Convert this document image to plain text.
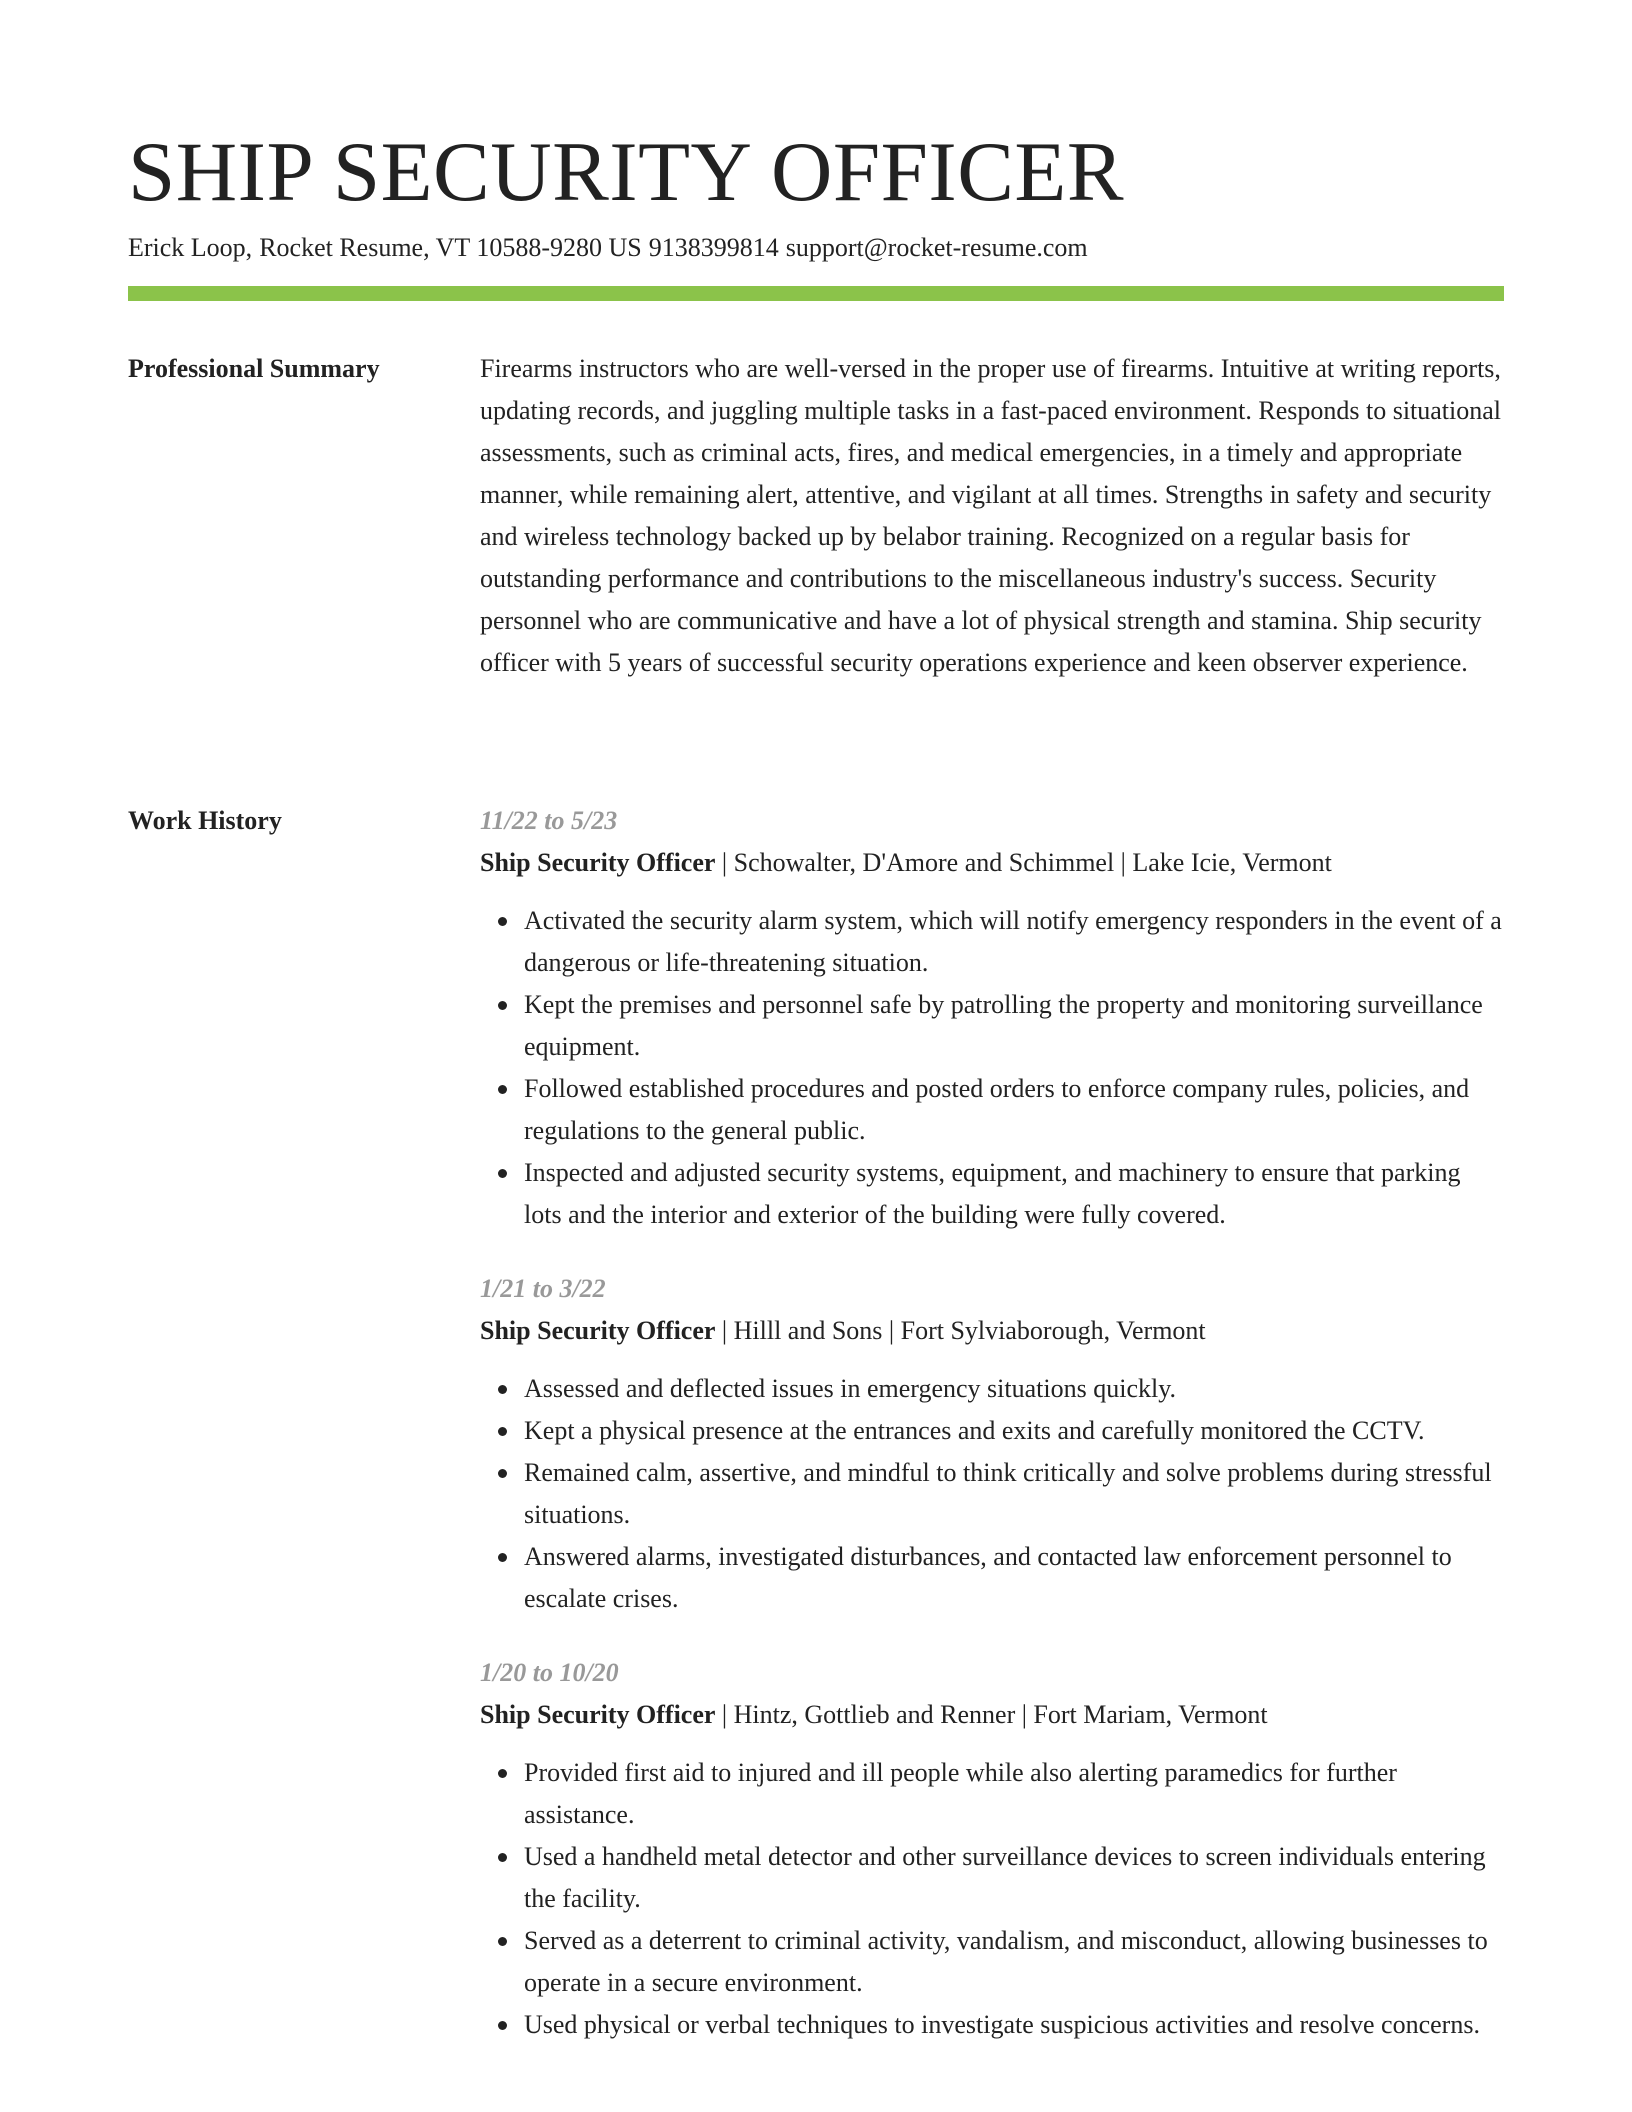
SHIP SECURITY OFFICER
Erick Loop, Rocket Resume, VT 10588-9280 US 9138399814 support@rocket-resume.com
Professional Summary	Firearms instructors who are well-versed in the proper use of firearms. Intuitive at writing reports, updating records, and juggling multiple tasks in a fast-paced environment. Responds to situational assessments, such as criminal acts, fires, and medical emergencies, in a timely and appropriate manner, while remaining alert, attentive, and vigilant at all times. Strengths in safety and security and wireless technology backed up by belabor training. Recognized on a regular basis for outstanding performance and contributions to the miscellaneous industry's success. Security personnel who are communicative and have a lot of physical strength and stamina. Ship security officer with 5 years of successful security operations experience and keen observer experience.

Work History	11/22 to 5/23
Ship Security Officer | Schowalter, D'Amore and Schimmel | Lake Icie, Vermont
Activated the security alarm system, which will notify emergency responders in the event of a dangerous or life-threatening situation.
Kept the premises and personnel safe by patrolling the property and monitoring surveillance equipment.
Followed established procedures and posted orders to enforce company rules, policies, and regulations to the general public.
Inspected and adjusted security systems, equipment, and machinery to ensure that parking lots and the interior and exterior of the building were fully covered.
1/21 to 3/22
Ship Security Officer | Hilll and Sons | Fort Sylviaborough, Vermont
Assessed and deflected issues in emergency situations quickly.
Kept a physical presence at the entrances and exits and carefully monitored the CCTV.
Remained calm, assertive, and mindful to think critically and solve problems during stressful situations.
Answered alarms, investigated disturbances, and contacted law enforcement personnel to escalate crises.
1/20 to 10/20
Ship Security Officer | Hintz, Gottlieb and Renner | Fort Mariam, Vermont
Provided first aid to injured and ill people while also alerting paramedics for further assistance.
Used a handheld metal detector and other surveillance devices to screen individuals entering the facility.
Served as a deterrent to criminal activity, vandalism, and misconduct, allowing businesses to operate in a secure environment.
Used physical or verbal techniques to investigate suspicious activities and resolve concerns.
